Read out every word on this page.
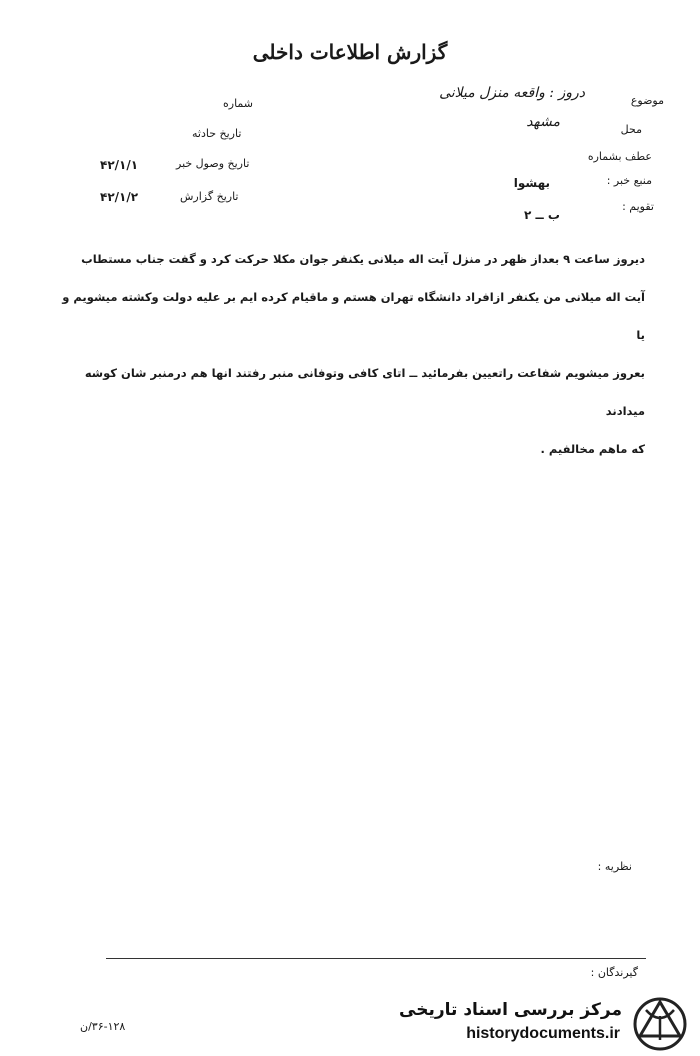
گزارش اطلاعات داخلی
موضوع
دروز : واقعه منزل میلانی
محل
مشهد
عطف بشماره
منبع خبر :
بهشوا
تقویم :
ب ــ ۲
شماره
تاریخ حادثه
تاریخ وصول خبر
۴۲/۱/۱
تاریخ گزارش
۴۲/۱/۲

دیروز ساعت ۹ بعداز ظهر در منزل آیت اله میلانی یکنفر جوان مکلا حرکت کرد و گفت جناب مستطاب

آیت اله میلانی من یکنفر ازافراد دانشگاه تهران هستم و ماقیام کرده ایم بر علیه دولت وکشته میشویم و یا

بعروز میشویم شفاعت راتعیین بفرمائید ــ اتای کافی وتوفانی منبر رفتند انها هم درمنبر شان کوشه میدادند

که ماهم مخالفیم .

نظریه :
گیرندگان :
۳۶-۱۲۸/ن
مرکز بررسی اسناد تاریخی
historydocuments.ir
